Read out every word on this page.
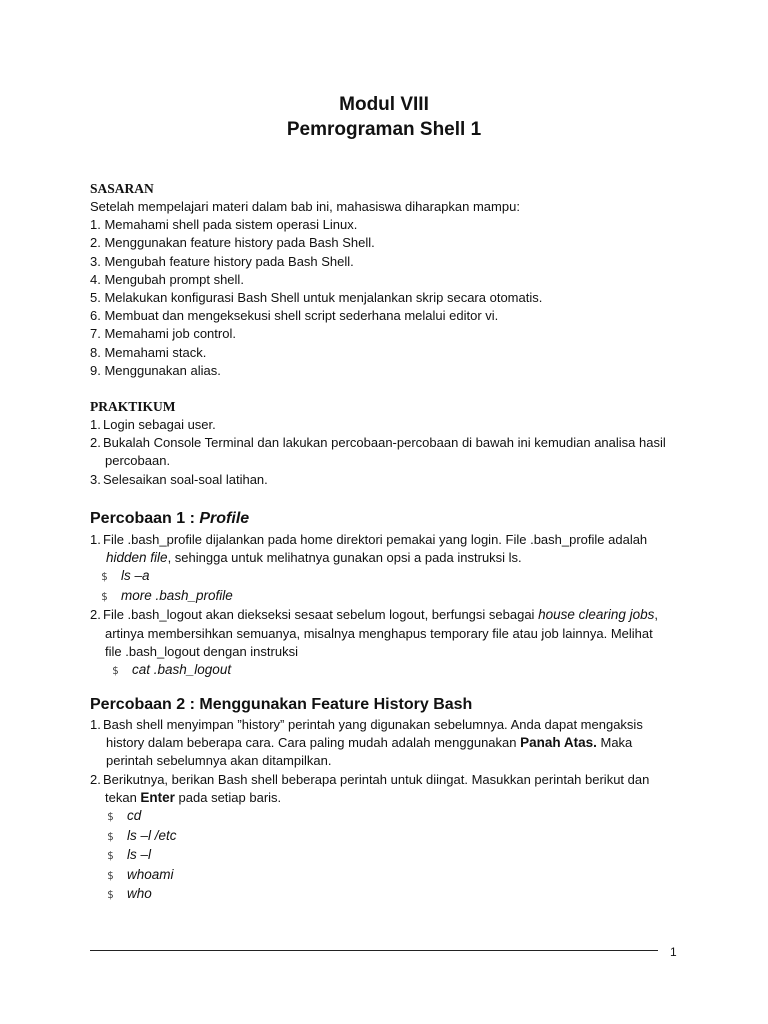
Modul VIII
Pemrograman Shell 1
SASARAN
Setelah mempelajari materi dalam bab ini, mahasiswa diharapkan mampu:
1. Memahami shell pada sistem operasi Linux.
2. Menggunakan feature history pada Bash Shell.
3. Mengubah feature history pada Bash Shell.
4. Mengubah prompt shell.
5. Melakukan konfigurasi Bash Shell untuk menjalankan skrip secara otomatis.
6. Membuat dan mengeksekusi shell script sederhana melalui editor vi.
7. Memahami job control.
8. Memahami stack.
9. Menggunakan alias.
PRAKTIKUM
1. Login sebagai user.
2. Bukalah Console Terminal dan lakukan percobaan-percobaan di bawah ini kemudian analisa hasil
percobaan.
3. Selesaikan soal-soal latihan.
Percobaan 1 : Profile
1. File .bash_profile dijalankan pada home direktori pemakai yang login. File .bash_profile adalah
hidden file, sehingga untuk melihatnya gunakan opsi a pada instruksi ls.
$ ls –a
$ more .bash_profile
2. File .bash_logout akan diekseksi sesaat sebelum logout, berfungsi sebagai house clearing jobs,
artinya membersihkan semuanya, misalnya menghapus temporary file atau job lainnya. Melihat
file .bash_logout dengan instruksi
$ cat .bash_logout
Percobaan 2 : Menggunakan Feature History Bash
1. Bash shell menyimpan ”history” perintah yang digunakan sebelumnya. Anda dapat mengaksis
history dalam beberapa cara. Cara paling mudah adalah menggunakan Panah Atas. Maka
perintah sebelumnya akan ditampilkan.
2. Berikutnya, berikan Bash shell beberapa perintah untuk diingat. Masukkan perintah berikut dan
tekan Enter pada setiap baris.
$ cd
$ ls –l /etc
$ ls –l
$ whoami
$ who
1
